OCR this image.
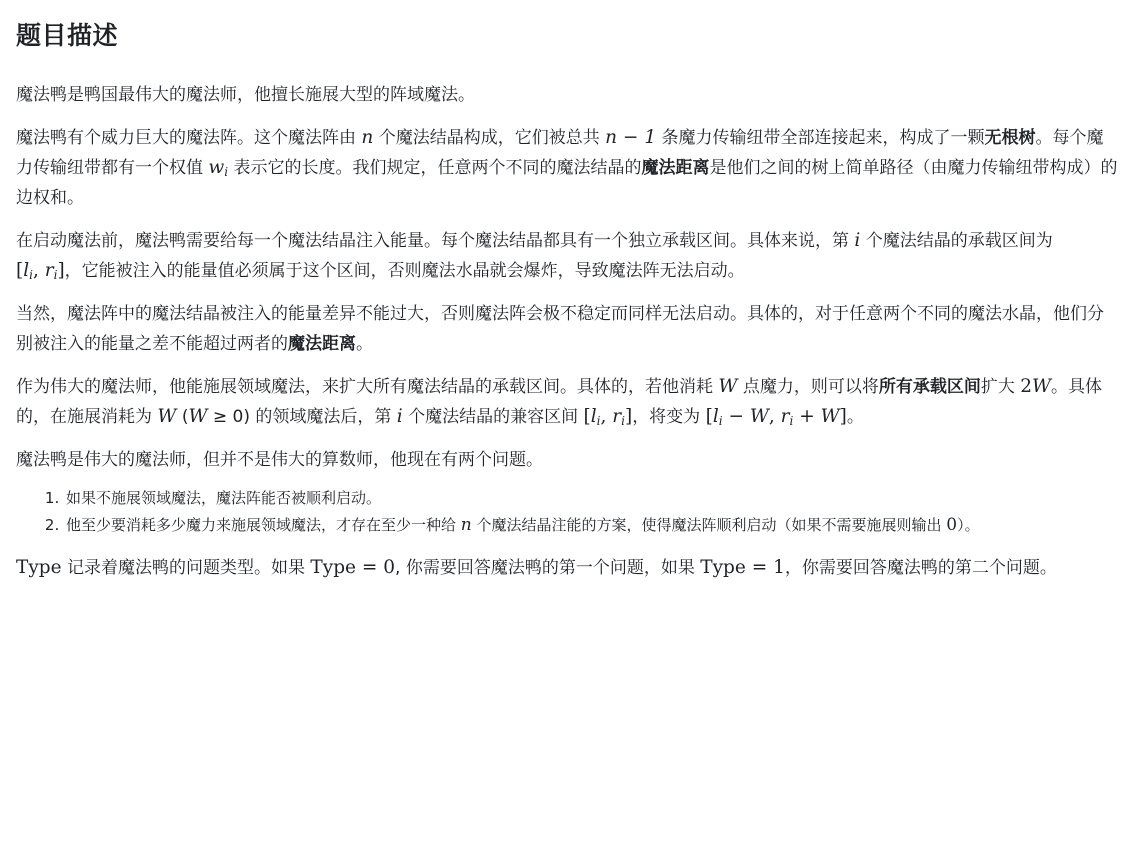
题目描述

魔法鸭是鸭国最伟大的魔法师，他擅长施展大型的阵域魔法。

魔法鸭有个威力巨大的魔法阵。这个魔法阵由 n 个魔法结晶构成，它们被总共 n − 1 条魔力传输纽带全部连接起来，构成了一颗无根树。每个魔力传输纽带都有一个权值 $w_i$ 表示它的长度。我们规定，任意两个不同的魔法结晶的魔法距离是他们之间的树上简单路径（由魔力传输纽带构成）的边权和。

在启动魔法前，魔法鸭需要给每一个魔法结晶注入能量。每个魔法结晶都具有一个独立承载区间。具体来说，第 i 个魔法结晶的承载区间为 [$l_i$, $r_i$]，它能被注入的能量值必须属于这个区间，否则魔法水晶就会爆炸，导致魔法阵无法启动。

当然，魔法阵中的魔法结晶被注入的能量差异不能过大，否则魔法阵会极不稳定而同样无法启动。具体的，对于任意两个不同的魔法水晶，他们分别被注入的能量之差不能超过两者的魔法距离。

作为伟大的魔法师，他能施展领域魔法，来扩大所有魔法结晶的承载区间。具体的，若他消耗 W 点魔力，则可以将所有承载区间扩大 2W。具体的，在施展消耗为 W (W ≥ 0) 的领域魔法后，第 i 个魔法结晶的兼容区间 [$l_i$, $r_i$]，将变为 [$l_i - W$, $r_i + W$]。

魔法鸭是伟大的魔法师，但并不是伟大的算数师，他现在有两个问题。

1. 如果不施展领域魔法，魔法阵能否被顺利启动。
2. 他至少要消耗多少魔力来施展领域魔法，才存在至少一种给 n 个魔法结晶注能的方案，使得魔法阵顺利启动（如果不需要施展则输出 0）。

Type 记录着魔法鸭的问题类型。如果 Type = 0, 你需要回答魔法鸭的第一个问题，如果 Type = 1，你需要回答魔法鸭的第二个问题。
